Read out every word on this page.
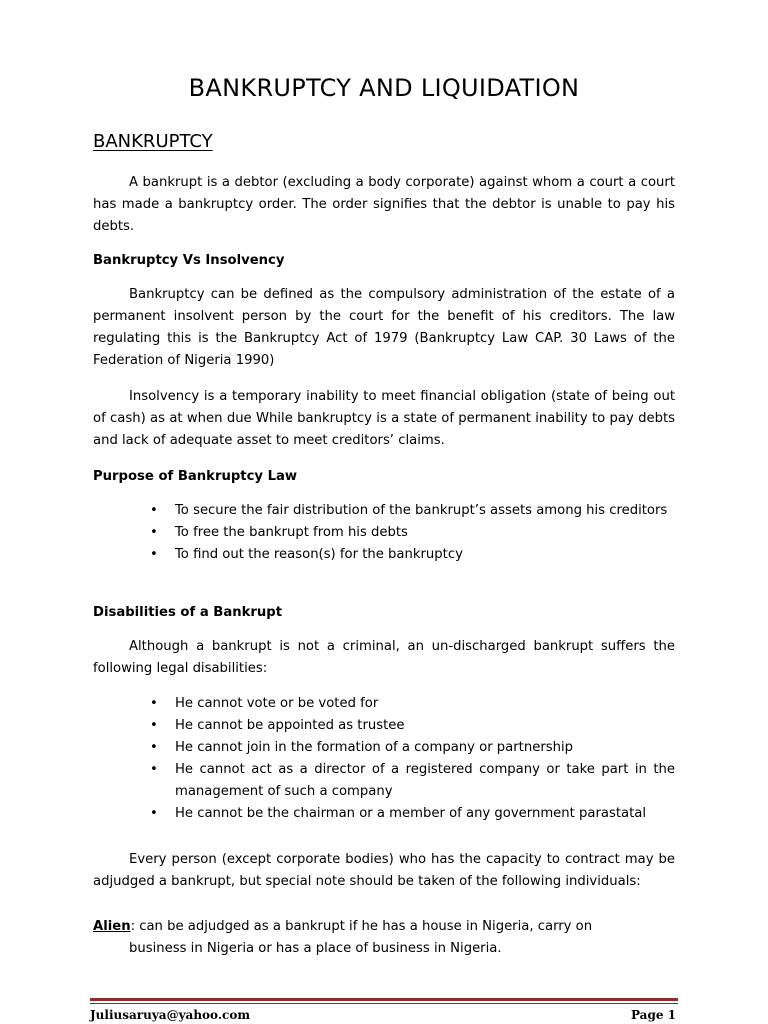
BANKRUPTCY AND LIQUIDATION
BANKRUPTCY

A bankrupt is a debtor (excluding a body corporate) against whom a court a court has made a bankruptcy order. The order signifies that the debtor is unable to pay his debts.

Bankruptcy Vs Insolvency

Bankruptcy can be defined as the compulsory administration of the estate of a permanent insolvent person by the court for the benefit of his creditors. The law regulating this is the Bankruptcy Act of 1979 (Bankruptcy Law CAP. 30 Laws of the Federation of Nigeria 1990)

Insolvency is a temporary inability to meet financial obligation (state of being out of cash) as at when due While bankruptcy is a state of permanent inability to pay debts and lack of adequate asset to meet creditors’ claims.

Purpose of Bankruptcy Law
• To secure the fair distribution of the bankrupt’s assets among his creditors
• To free the bankrupt from his debts
• To find out the reason(s) for the bankruptcy
Disabilities of a Bankrupt

Although a bankrupt is not a criminal, an un-discharged bankrupt suffers the following legal disabilities:

• He cannot vote or be voted for
• He cannot be appointed as trustee
• He cannot join in the formation of a company or partnership
• He cannot act as a director of a registered company or take part in the management of such a company
• He cannot be the chairman or a member of any government parastatal

Every person (except corporate bodies) who has the capacity to contract may be adjudged a bankrupt, but special note should be taken of the following individuals:

Alien: can be adjudged as a bankrupt if he has a house in Nigeria, carry on
business in Nigeria or has a place of business in Nigeria.
Juliusaruya@yahoo.com	Page 1
